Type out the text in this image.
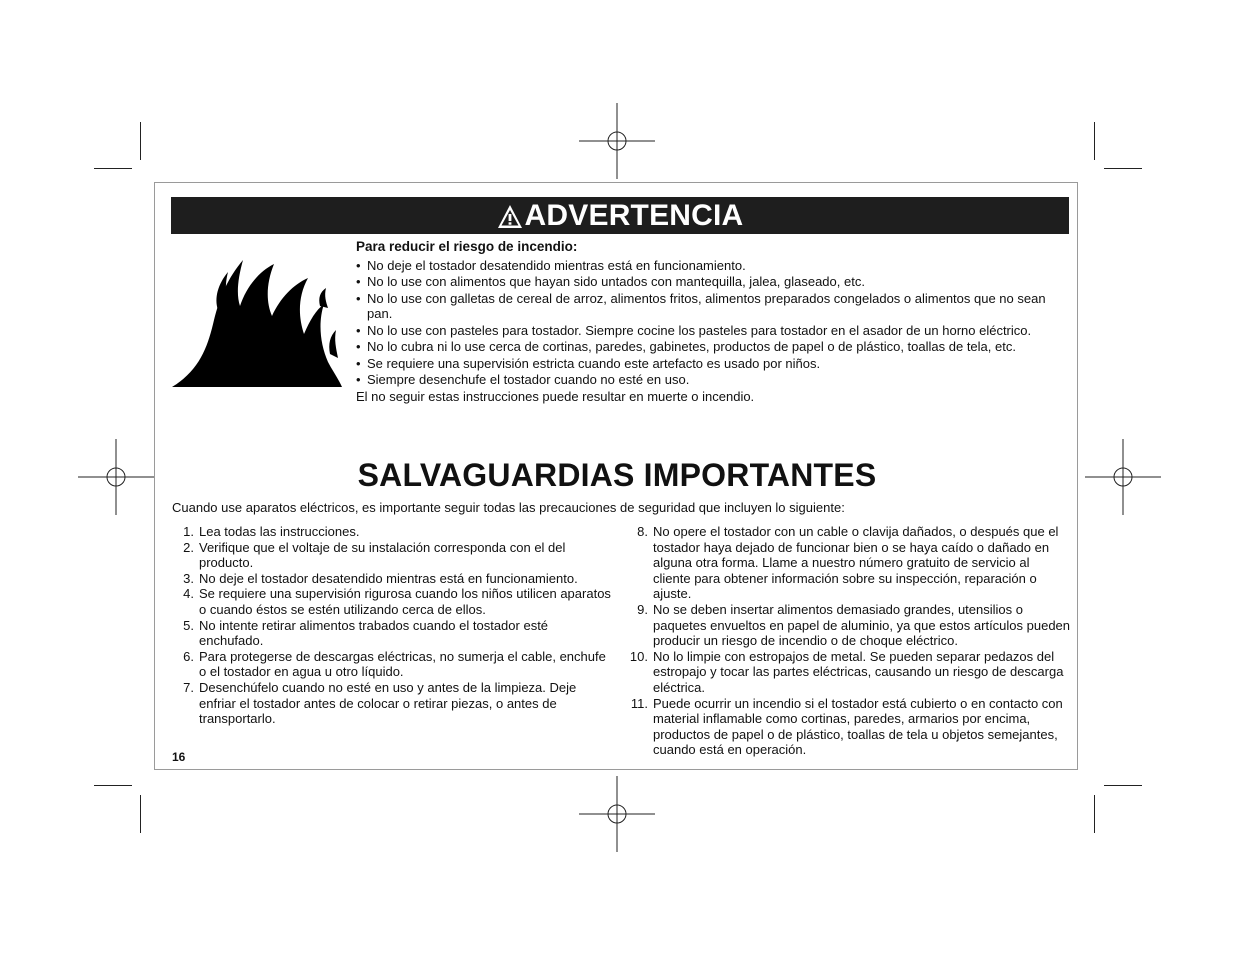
ADVERTENCIA
Para reducir el riesgo de incendio:
• No deje el tostador desatendido mientras está en funcionamiento.
• No lo use con alimentos que hayan sido untados con mantequilla, jalea, glaseado, etc.
• No lo use con galletas de cereal de arroz, alimentos fritos, alimentos preparados congelados o alimentos que no sean pan.
• No lo use con pasteles para tostador. Siempre cocine los pasteles para tostador en el asador de un horno eléctrico.
• No lo cubra ni lo use cerca de cortinas, paredes, gabinetes, productos de papel o de plástico, toallas de tela, etc.
• Se requiere una supervisión estricta cuando este artefacto es usado por niños.
• Siempre desenchufe el tostador cuando no esté en uso.
El no seguir estas instrucciones puede resultar en muerte o incendio.
SALVAGUARDIAS IMPORTANTES
Cuando use aparatos eléctricos, es importante seguir todas las precauciones de seguridad que incluyen lo siguiente:
1. Lea todas las instrucciones.
2. Verifique que el voltaje de su instalación corresponda con el del producto.
3. No deje el tostador desatendido mientras está en funcionamiento.
4. Se requiere una supervisión rigurosa cuando los niños utilicen aparatos o cuando éstos se estén utilizando cerca de ellos.
5. No intente retirar alimentos trabados cuando el tostador esté enchufado.
6. Para protegerse de descargas eléctricas, no sumerja el cable, enchufe o el tostador en agua u otro líquido.
7. Desenchúfelo cuando no esté en uso y antes de la limpieza. Deje enfriar el tostador antes de colocar o retirar piezas, o antes de transportarlo.
8. No opere el tostador con un cable o clavija dañados, o después que el tostador haya dejado de funcionar bien o se haya caído o dañado en alguna otra forma. Llame a nuestro número gratuito de servicio al cliente para obtener información sobre su inspección, reparación o ajuste.
9. No se deben insertar alimentos demasiado grandes, utensilios o paquetes envueltos en papel de aluminio, ya que estos artículos pueden producir un riesgo de incendio o de choque eléctrico.
10. No lo limpie con estropajos de metal. Se pueden separar pedazos del estropajo y tocar las partes eléctricas, causando un riesgo de descarga eléctrica.
11. Puede ocurrir un incendio si el tostador está cubierto o en contacto con material inflamable como cortinas, paredes, armarios por encima, productos de papel o de plástico, toallas de tela u objetos semejantes, cuando está en operación.
16
